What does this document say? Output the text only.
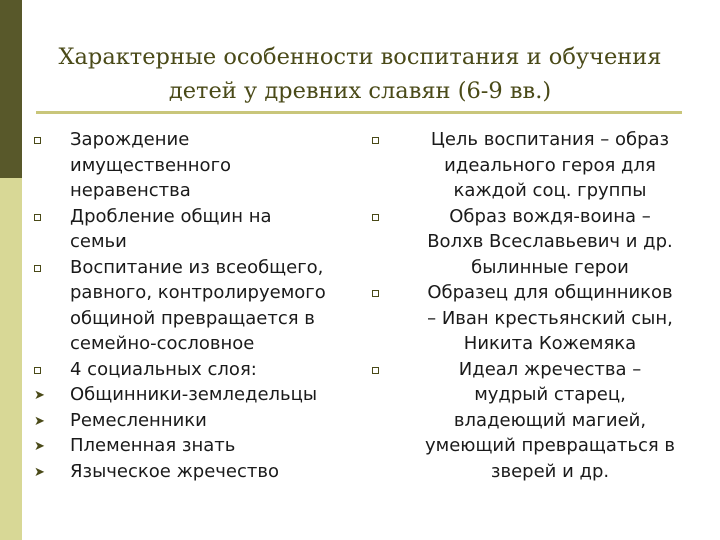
Характерные особенности воспитания и обучения
детей у древних славян (6-9 вв.)
Зарождение
имущественного
неравенства
Дробление общин на
семьи
Воспитание из всеобщего,
равного, контролируемого
общиной превращается в
семейно-сословное
4 социальных слоя:
➤ Общинники-земледельцы
➤ Ремесленники
➤ Племенная знать
➤ Языческое жречество
Цель воспитания – образ
идеального героя для
каждой соц. группы
Образ вождя-воина –
Волхв Всеславьевич и др.
былинные герои
Образец для общинников
– Иван крестьянский сын,
Никита Кожемяка
Идеал жречества –
мудрый старец,
владеющий магией,
умеющий превращаться в
зверей и др.
